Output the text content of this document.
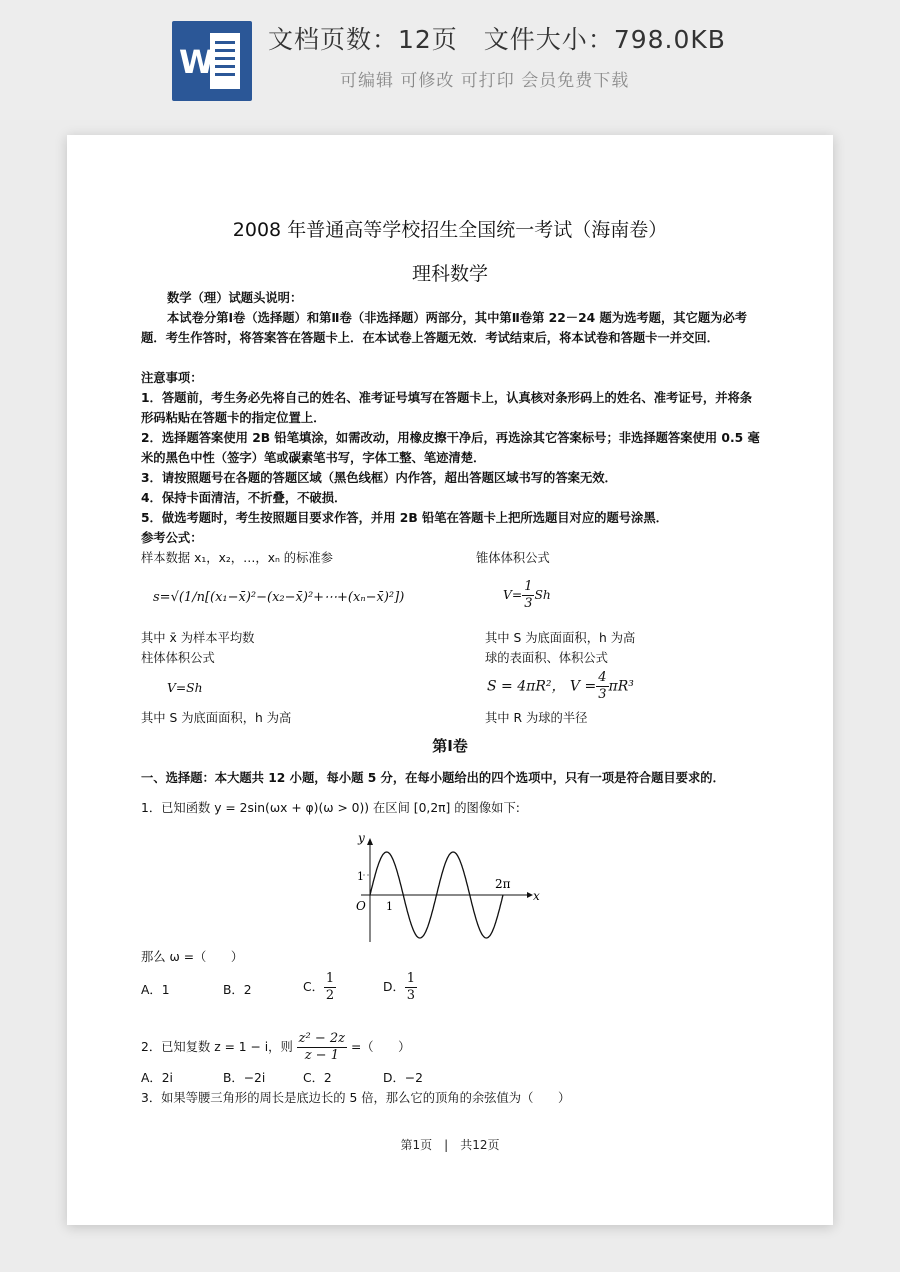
W
文档页数：12页　文件大小：798.0KB
可编辑 可修改 可打印 会员免费下载
2008 年普通高等学校招生全国统一考试（海南卷）
理科数学
数学（理）试题头说明：
本试卷分第Ⅰ卷（选择题）和第Ⅱ卷（非选择题）两部分，其中第Ⅱ卷第 22－24 题为选考题，其它题为必考题．考生作答时，将答案答在答题卡上．在本试卷上答题无效．考试结束后，将本试卷和答题卡一并交回．
注意事项：
1．答题前，考生务必先将自己的姓名、准考证号填写在答题卡上，认真核对条形码上的姓名、准考证号，并将条形码粘贴在答题卡的指定位置上．
2．选择题答案使用 2B 铅笔填涂，如需改动，用橡皮擦干净后，再选涂其它答案标号；非选择题答案使用 0.5 毫米的黑色中性（签字）笔或碳素笔书写，字体工整、笔迹清楚．
3．请按照题号在各题的答题区域（黑色线框）内作答，超出答题区域书写的答案无效．
4．保持卡面清洁，不折叠，不破损．
5．做选考题时，考生按照题目要求作答，并用 2B 铅笔在答题卡上把所选题目对应的题号涂黑．
参考公式：
样本数据 x₁，x₂，…，xₙ 的标准参	锥体体积公式
s=√(1/n[(x₁−x̄)²−(x₂−x̄)²+⋯+(xₙ−x̄)²])	$V= \frac{1}{3}$ Sh
其中 x̄ 为样本平均数	其中 S 为底面面积，h 为高
柱体体积公式	球的表面积、体积公式
V=Sh	S = 4πR²， $V = \frac{4}{3} \pi R^3$
其中 S 为底面面积，h 为高	其中 R 为球的半径
第Ⅰ卷
一、选择题：本大题共 12 小题，每小题 5 分，在每小题给出的四个选项中，只有一项是符合题目要求的．
1．已知函数 y = 2sin(ωx + φ)(ω > 0)) 在区间 [0,2π] 的图像如下:
y
x
O
1
1
2π
那么 ω =（　　）
A．1	B．2	C． $\frac{1}{2}$	D． $\frac{1}{3}$
2．已知复数 z = 1 − i，则 $\frac{\text{z² − 2z}}{z - 1}$ =（　　）
A．2i	B．−2i	C．2	D．−2
3．如果等腰三角形的周长是底边长的 5 倍，那么它的顶角的余弦值为（　　）
第1页　|　共12页
